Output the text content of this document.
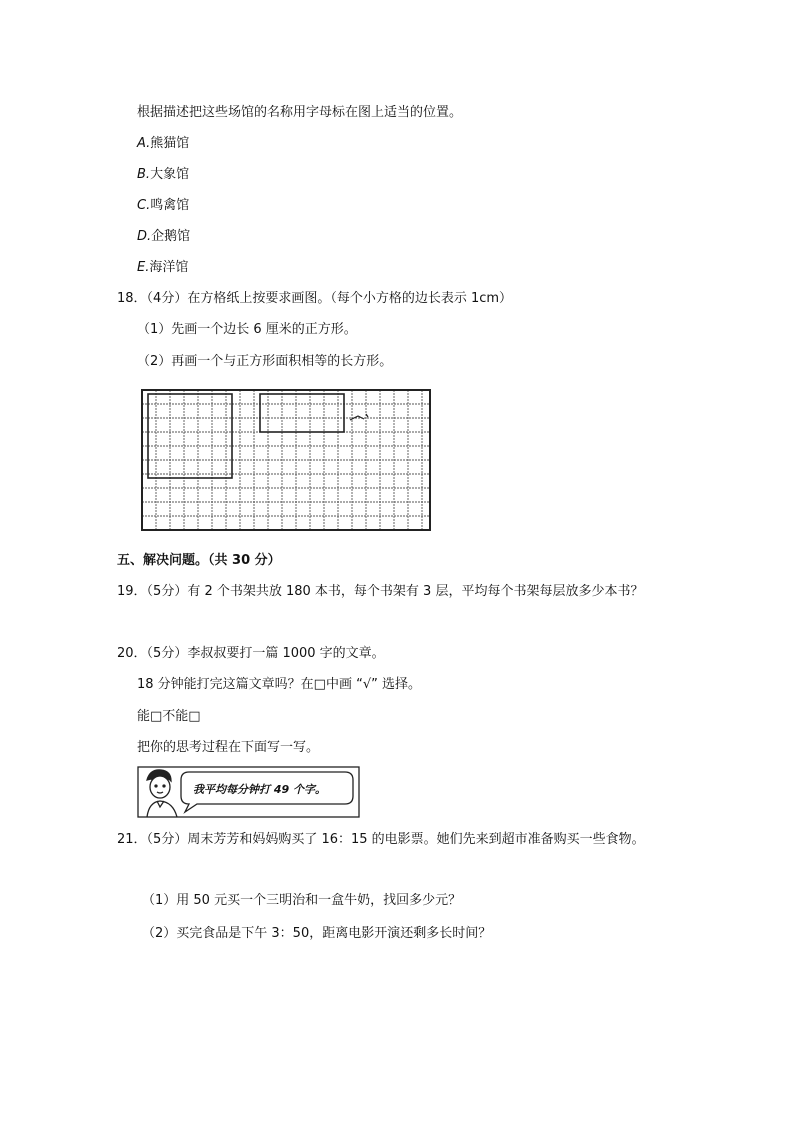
根据描述把这些场馆的名称用字母标在图上适当的位置。
A.熊猫馆
B.大象馆
C.鸣禽馆
D.企鹅馆
E.海洋馆
18．（4分）在方格纸上按要求画图。（每个小方格的边长表示 1cm）
（1）先画一个边长 6 厘米的正方形。
（2）再画一个与正方形面积相等的长方形。
五、解决问题。（共 30 分）
19．（5分）有 2 个书架共放 180 本书，每个书架有 3 层，平均每个书架每层放多少本书？
20．（5分）李叔叔要打一篇 1000 字的文章。
18 分钟能打完这篇文章吗？在□中画 “√” 选择。
能□不能□
把你的思考过程在下面写一写。
我平均每分钟打 49 个字。
21．（5分）周末芳芳和妈妈购买了 16：15 的电影票。她们先来到超市准备购买一些食物。
（1）用 50 元买一个三明治和一盒牛奶，找回多少元？
（2）买完食品是下午 3：50，距离电影开演还剩多长时间？
